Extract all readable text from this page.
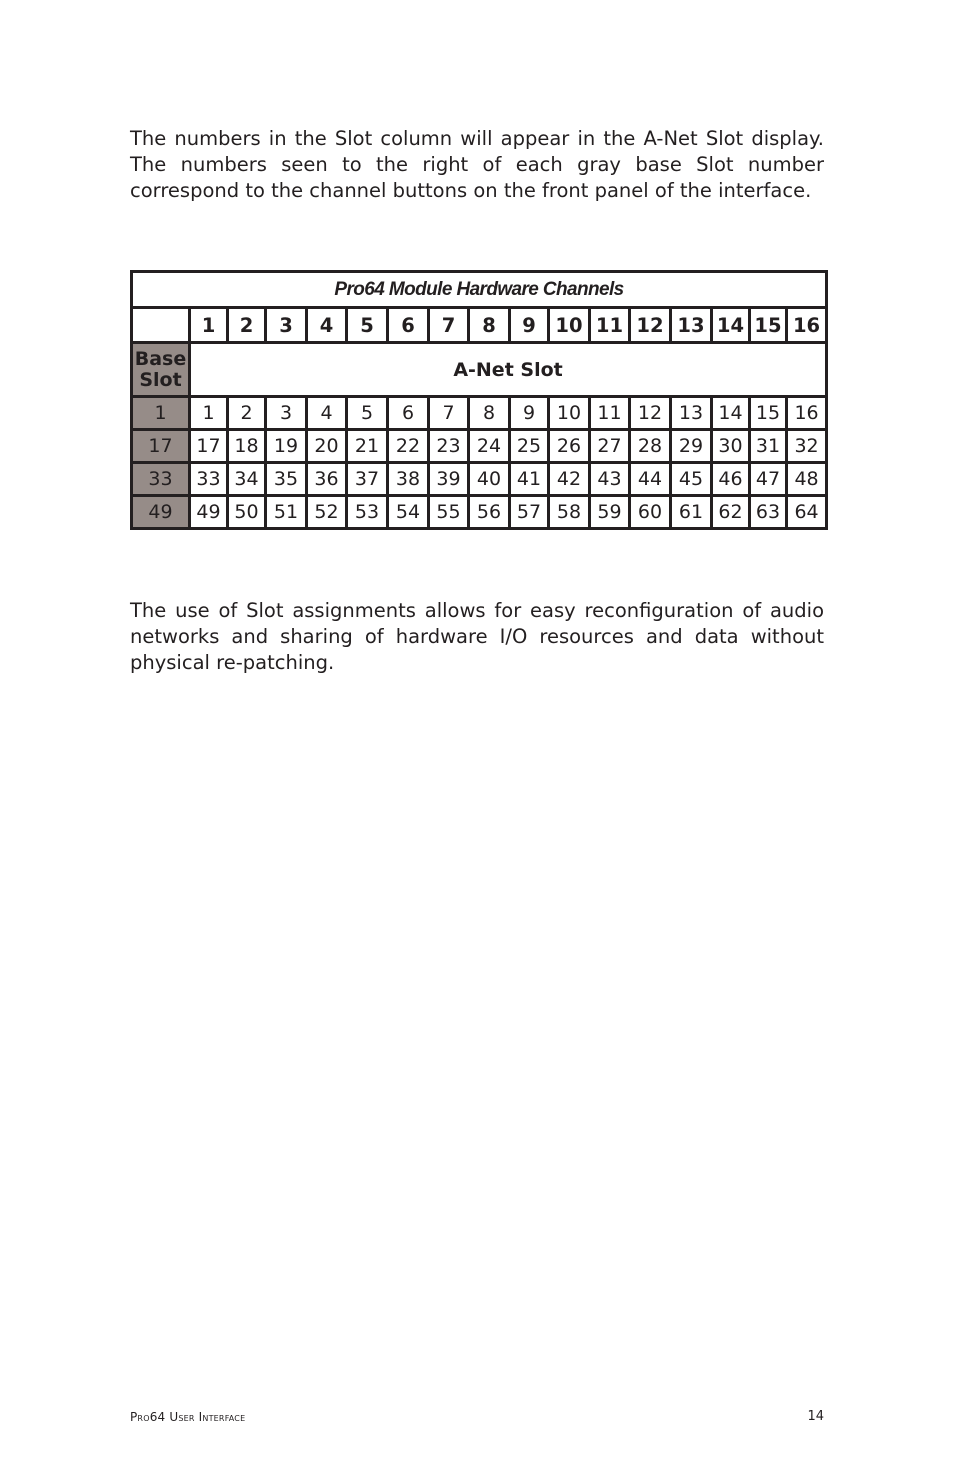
The numbers in the Slot column will appear in the A-Net Slot display. The numbers seen to the right of each gray base Slot number correspond to the channel buttons on the front panel of the interface.

Pro64 Module Hardware Channels																
	1	2	3	4	5	6	7	8	9	10	11	12	13	14	15	16
Base
Slot	A-Net Slot															
1	1	2	3	4	5	6	7	8	9	10	11	12	13	14	15	16
17	17	18	19	20	21	22	23	24	25	26	27	28	29	30	31	32
33	33	34	35	36	37	38	39	40	41	42	43	44	45	46	47	48
49	49	50	51	52	53	54	55	56	57	58	59	60	61	62	63	64

The use of Slot assignments allows for easy reconfiguration of audio networks and sharing of hardware I/O resources and data without physical re-patching.

Pro64 User Interface	14
